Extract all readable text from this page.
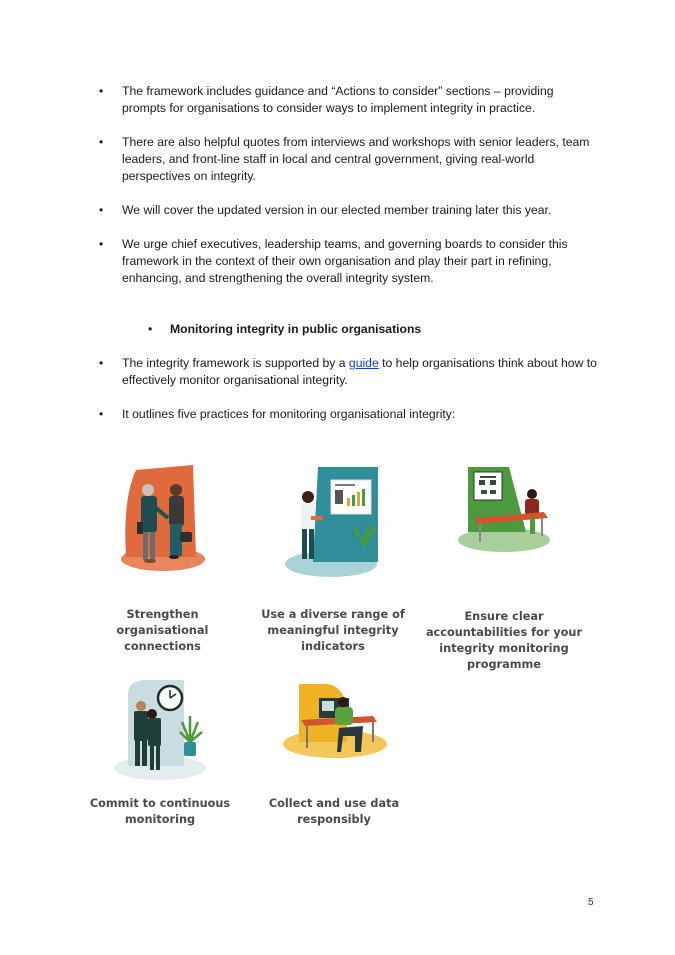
•	The framework includes guidance and “Actions to consider” sections – providing prompts for organisations to consider ways to implement integrity in practice.
•	There are also helpful quotes from interviews and workshops with senior leaders, team leaders, and front-line staff in local and central government, giving real-world perspectives on integrity.
•	We will cover the updated version in our elected member training later this year.
•	We urge chief executives, leadership teams, and governing boards to consider this framework in the context of their own organisation and play their part in refining, enhancing, and strengthening the overall integrity system.
• Monitoring integrity in public organisations
•	The integrity framework is supported by a guide to help organisations think about how to effectively monitor organisational integrity.
•	It outlines five practices for monitoring organisational integrity:
Strengthen organisational connections
Use a diverse range of meaningful integrity indicators
Ensure clear accountabilities for your integrity monitoring programme
Commit to continuous monitoring
Collect and use data responsibly
5
